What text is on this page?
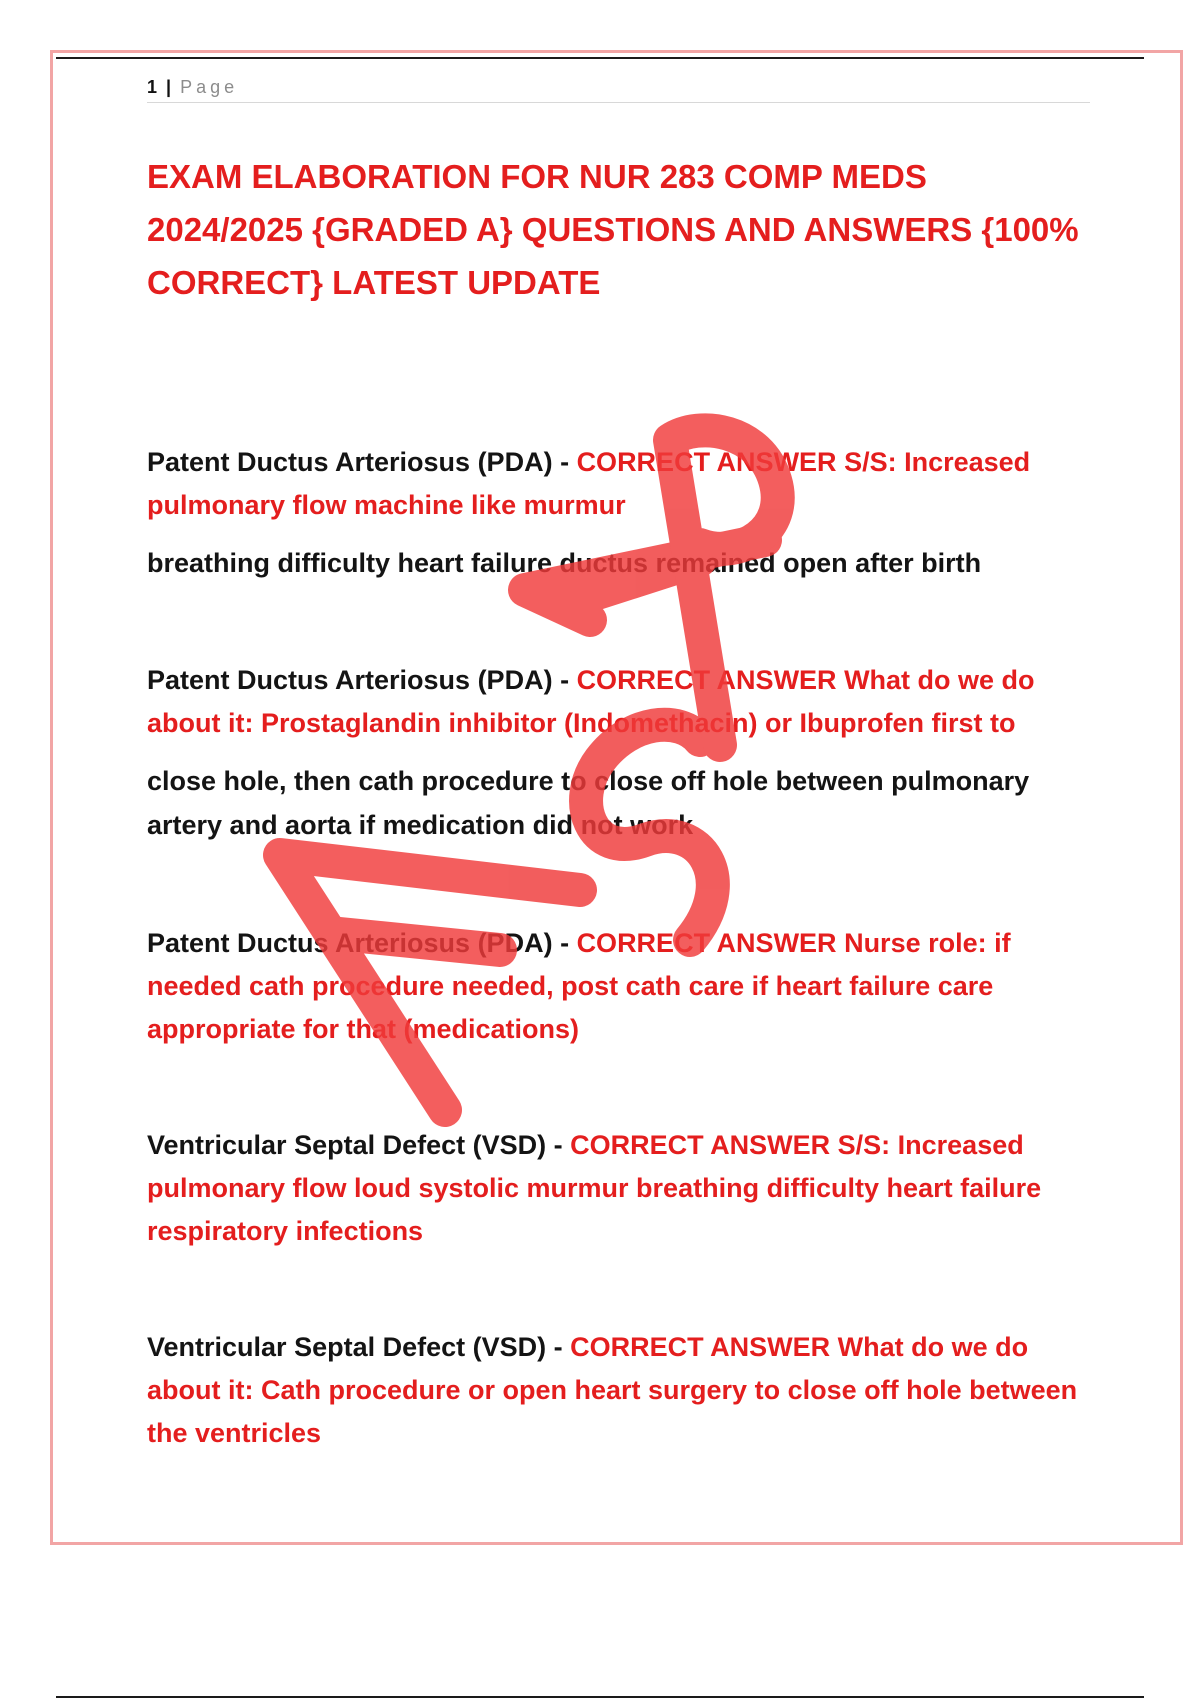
1 | Page
EXAM ELABORATION FOR NUR 283 COMP MEDS 2024/2025 {GRADED A} QUESTIONS AND ANSWERS {100% CORRECT} LATEST UPDATE

Patent Ductus Arteriosus (PDA) - CORRECT ANSWER S/S: Increased pulmonary flow machine like murmur
breathing difficulty heart failure ductus remained open after birth

Patent Ductus Arteriosus (PDA) - CORRECT ANSWER What do we do about it: Prostaglandin inhibitor (Indomethacin) or Ibuprofen first to
close hole, then cath procedure to close off hole between pulmonary artery and aorta if medication did not work

Patent Ductus Arteriosus (PDA) - CORRECT ANSWER Nurse role: if needed cath procedure needed, post cath care if heart failure care appropriate for that (medications)

Ventricular Septal Defect (VSD) - CORRECT ANSWER S/S: Increased pulmonary flow loud systolic murmur breathing difficulty heart failure respiratory infections

Ventricular Septal Defect (VSD) - CORRECT ANSWER What do we do about it: Cath procedure or open heart surgery to close off hole between the ventricles
